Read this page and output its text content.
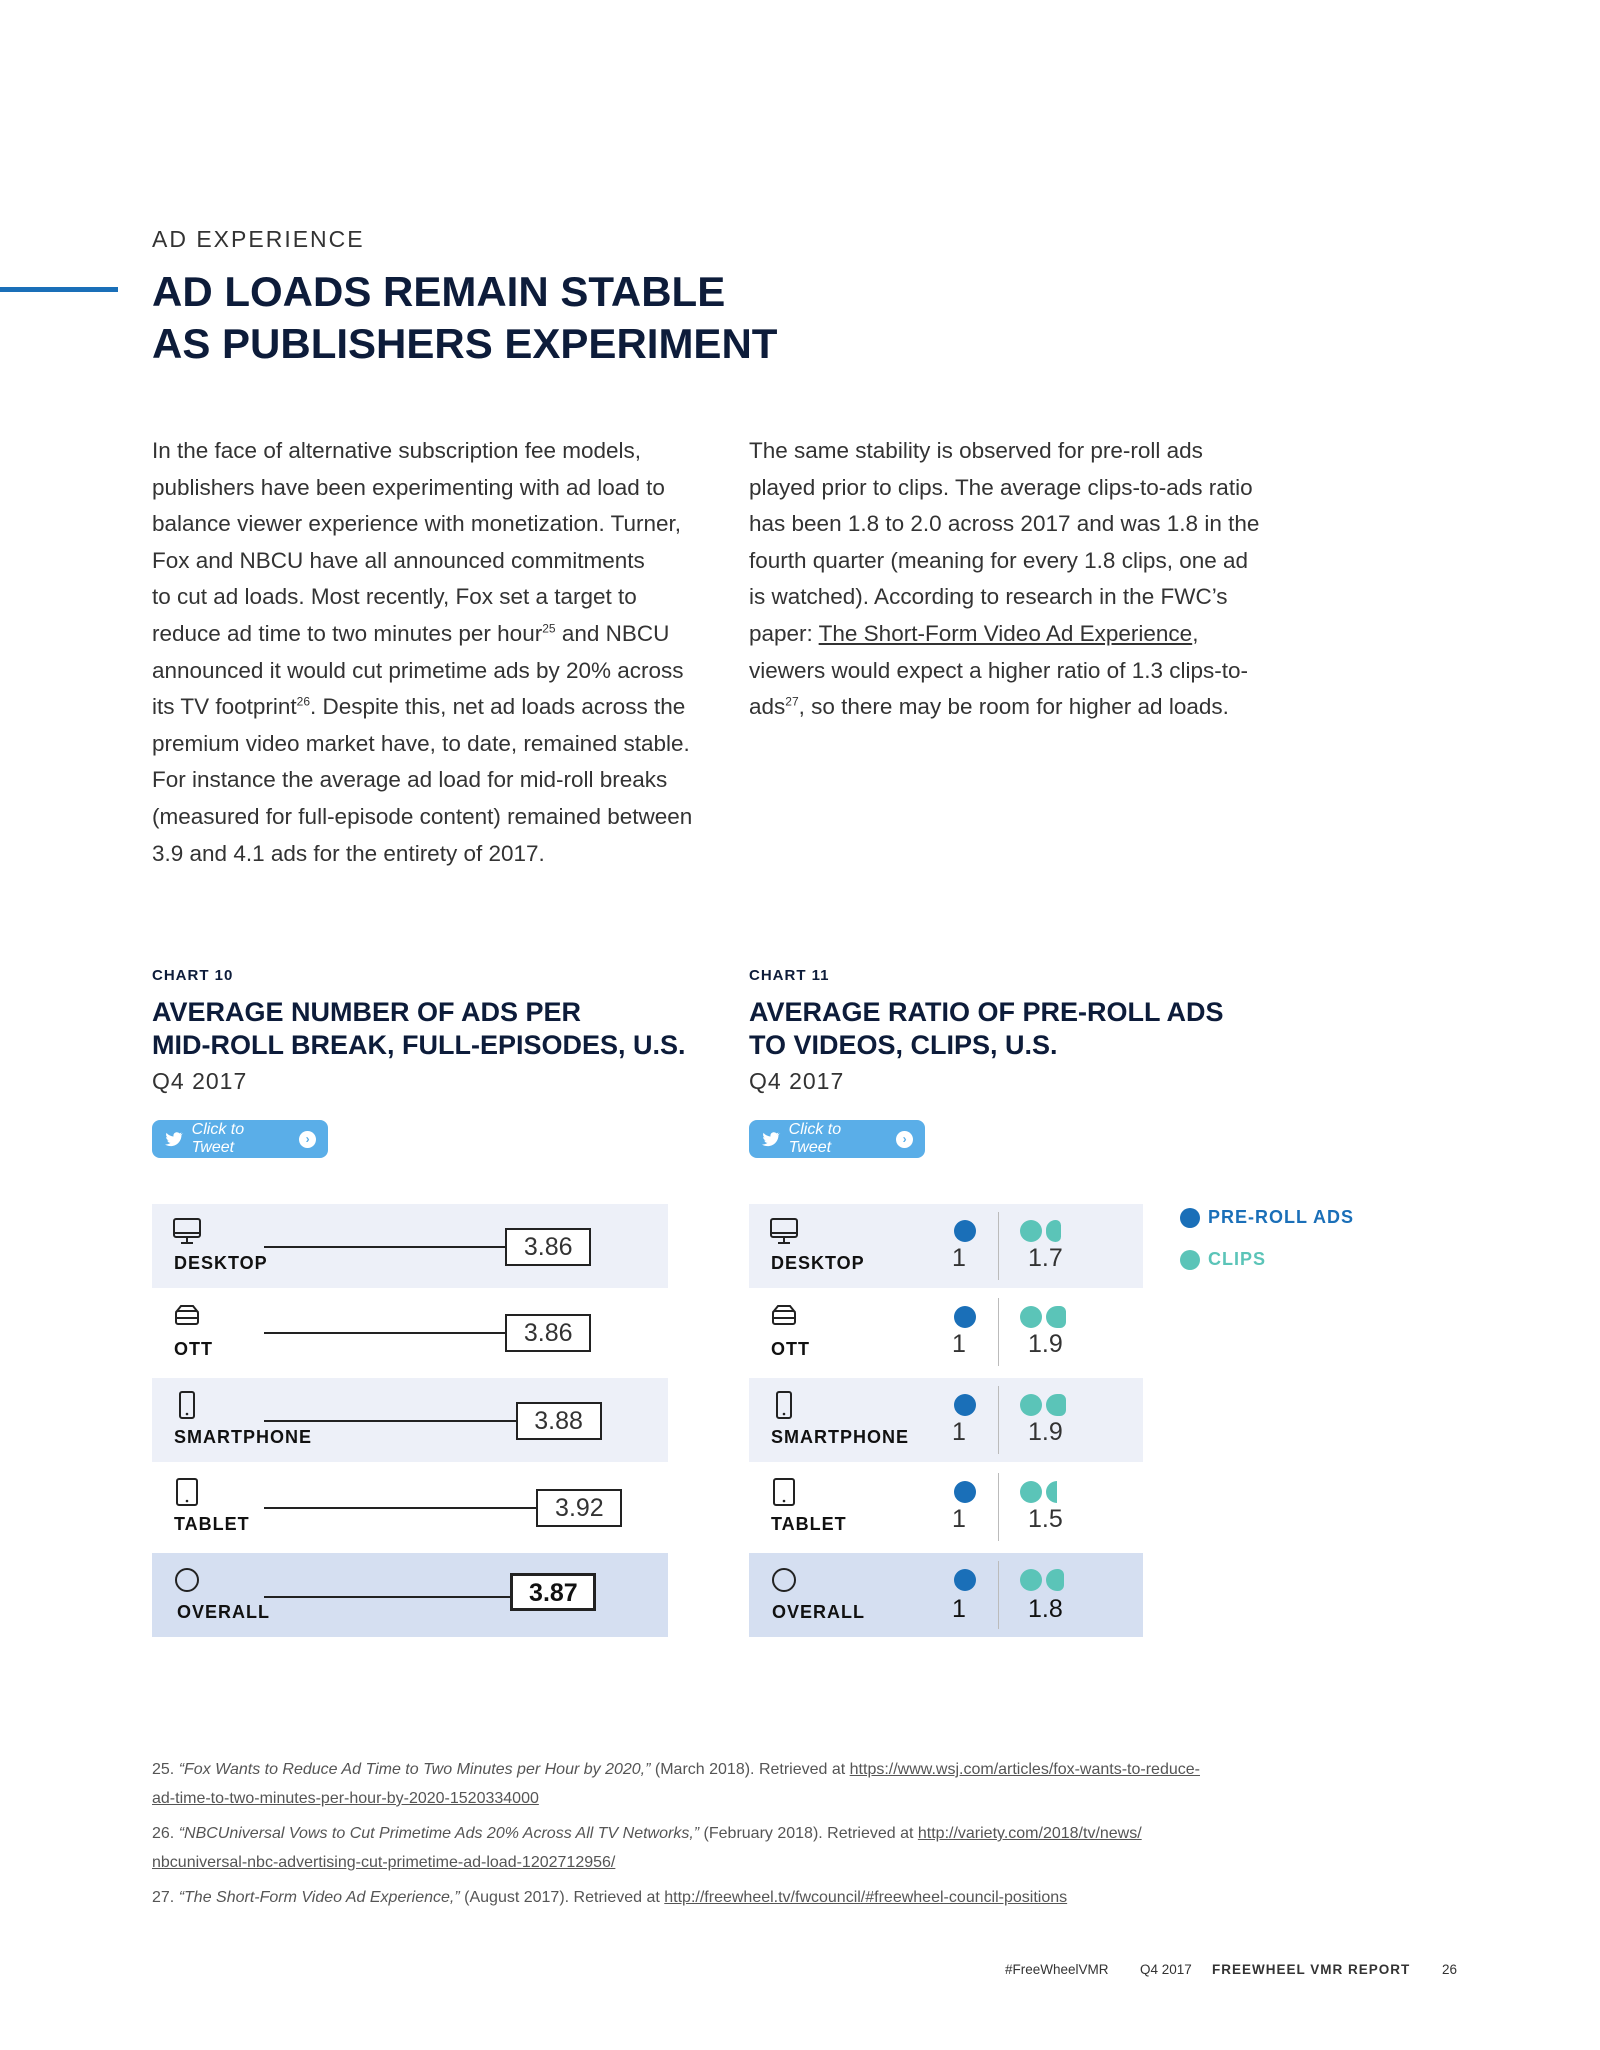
AD EXPERIENCE
AD LOADS REMAIN STABLE
AS PUBLISHERS EXPERIMENT
In the face of alternative subscription fee models,
publishers have been experimenting with ad load to
balance viewer experience with monetization. Turner,
Fox and NBCU have all announced commitments
to cut ad loads. Most recently, Fox set a target to
reduce ad time to two minutes per hour$^{25}$ and NBCU
announced it would cut primetime ads by 20% across
its TV footprint$^{26}$. Despite this, net ad loads across the
premium video market have, to date, remained stable.
For instance the average ad load for mid-roll breaks
(measured for full-episode content) remained between
3.9 and 4.1 ads for the entirety of 2017.
The same stability is observed for pre-roll ads
played prior to clips. The average clips-to-ads ratio
has been 1.8 to 2.0 across 2017 and was 1.8 in the
fourth quarter (meaning for every 1.8 clips, one ad
is watched). According to research in the FWC’s
paper: The Short-Form Video Ad Experience,
viewers would expect a higher ratio of 1.3 clips-to-
ads$^{27}$, so there may be room for higher ad loads.
CHART 10
AVERAGE NUMBER OF ADS PER
MID-ROLL BREAK, FULL-EPISODES, U.S.
Q4 2017
Click to Tweet
›
DESKTOP
3.86
OTT
3.86
SMARTPHONE
3.88
TABLET
3.92
OVERALL
3.87
CHART 11
AVERAGE RATIO OF PRE-ROLL ADS
TO VIDEOS, CLIPS, U.S.
Q4 2017
Click to Tweet
›
PRE-ROLL ADS
CLIPS
DESKTOP	1 1.7
OTT	1 1.9
SMARTPHONE 1 1.9
TABLET	1 1.5
OVERALL	1 1.8
25. “Fox Wants to Reduce Ad Time to Two Minutes per Hour by 2020,” (March 2018). Retrieved at https://www.wsj.com/articles/fox-wants-to-reduce-
ad-time-to-two-minutes-per-hour-by-2020-1520334000
26. “NBCUniversal Vows to Cut Primetime Ads 20% Across All TV Networks,” (February 2018). Retrieved at http://variety.com/2018/tv/news/
nbcuniversal-nbc-advertising-cut-primetime-ad-load-1202712956/
27. “The Short-Form Video Ad Experience,” (August 2017). Retrieved at http://freewheel.tv/fwcouncil/#freewheel-council-positions
#FreeWheelVMR Q4 2017 FREEWHEEL VMR REPORT 26
